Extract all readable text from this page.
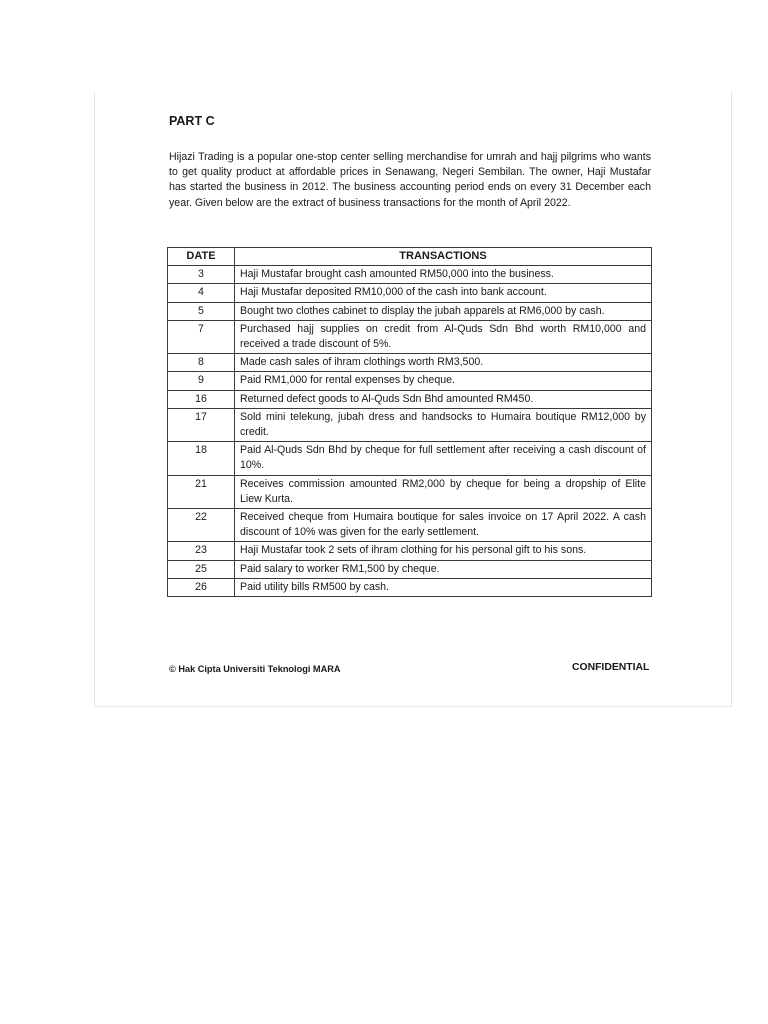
PART C

Hijazi Trading is a popular one-stop center selling merchandise for umrah and hajj pilgrims who wants to get quality product at affordable prices in Senawang, Negeri Sembilan. The owner, Haji Mustafar has started the business in 2012. The business accounting period ends on every 31 December each year. Given below are the extract of business transactions for the month of April 2022.

DATE	TRANSACTIONS
3	Haji Mustafar brought cash amounted RM50,000 into the business.
4	Haji Mustafar deposited RM10,000 of the cash into bank account.
5	Bought two clothes cabinet to display the jubah apparels at RM6,000 by cash.
7	Purchased hajj supplies on credit from Al-Quds Sdn Bhd worth RM10,000 and received a trade discount of 5%.
8	Made cash sales of ihram clothings worth RM3,500.
9	Paid RM1,000 for rental expenses by cheque.
16	Returned defect goods to Al-Quds Sdn Bhd amounted RM450.
17	Sold mini telekung, jubah dress and handsocks to Humaira boutique RM12,000 by credit.
18	Paid Al-Quds Sdn Bhd by cheque for full settlement after receiving a cash discount of 10%.
21	Receives commission amounted RM2,000 by cheque for being a dropship of Elite Liew Kurta.
22	Received cheque from Humaira boutique for sales invoice on 17 April 2022. A cash discount of 10% was given for the early settlement.
23	Haji Mustafar took 2 sets of ihram clothing for his personal gift to his sons.
25	Paid salary to worker RM1,500 by cheque.
26	Paid utility bills RM500 by cash.
© Hak Cipta Universiti Teknologi MARA	CONFIDENTIAL
